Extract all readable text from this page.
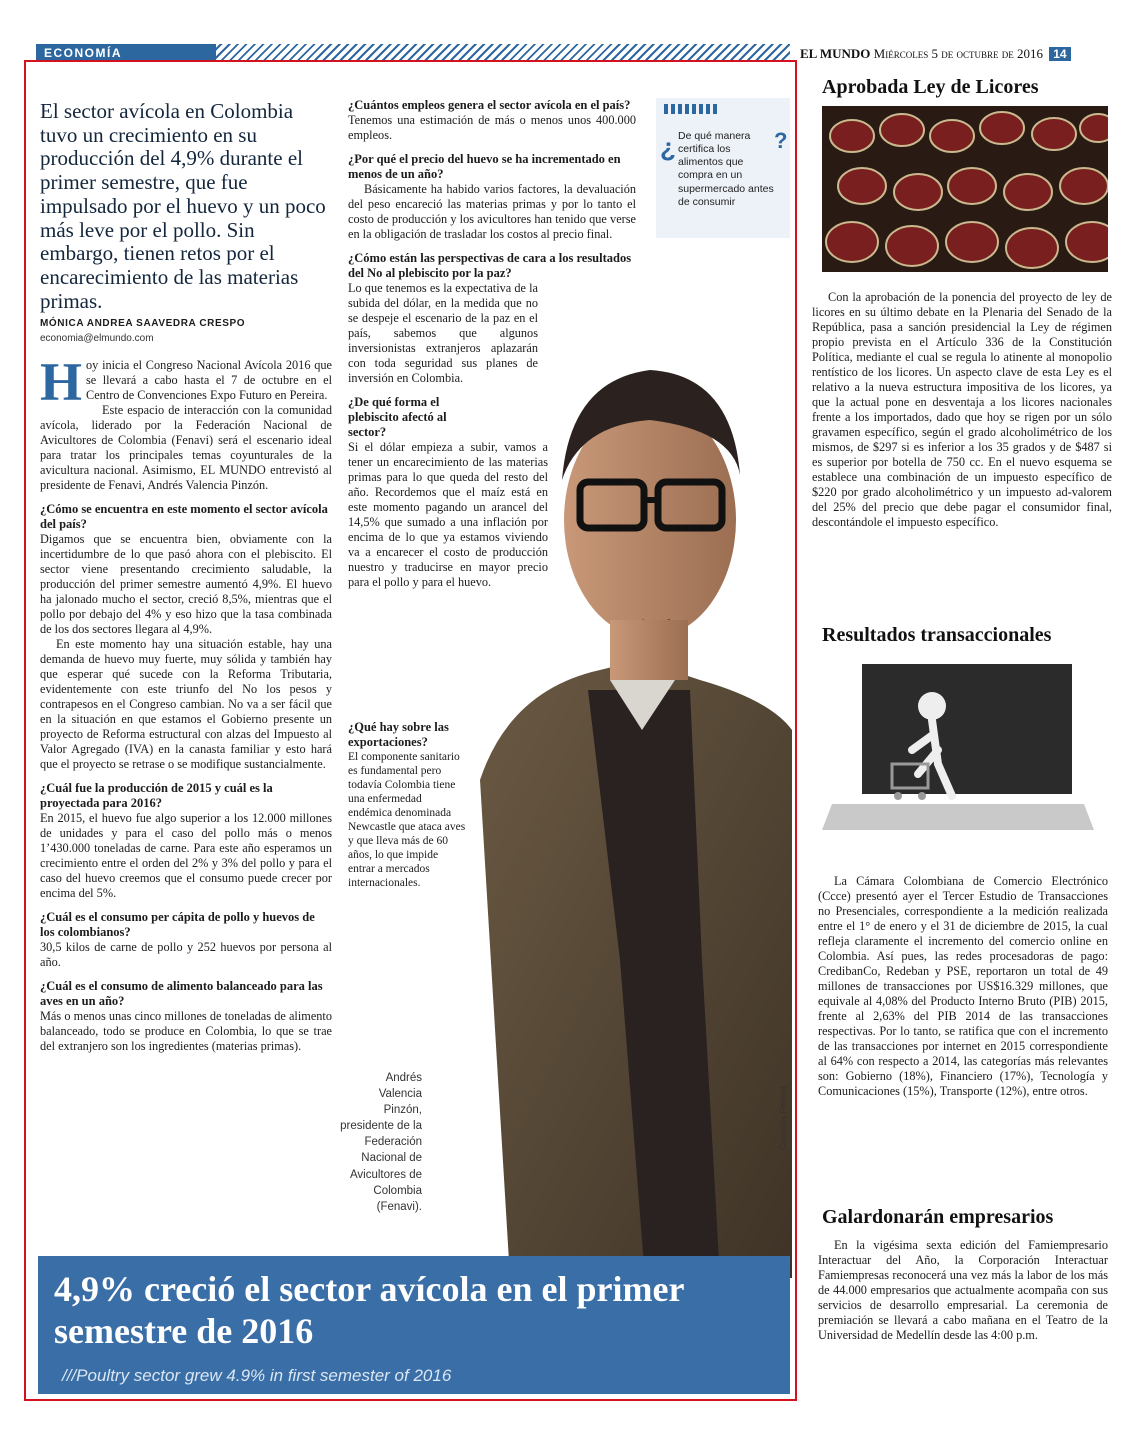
ECONOMÍA	EL MUNDO Miércoles 5 de octubre de 2016 14

El sector avícola en Colombia tuvo un crecimiento en su producción del 4,9% durante el primer semestre, que fue impulsado por el huevo y un poco más leve por el pollo. Sin embargo, tienen retos por el encarecimiento de las materias primas.

MÓNICA ANDREA SAAVEDRA CRESPO
economia@elmundo.com

Hoy inicia el Congreso Nacional Avícola 2016 que se llevará a cabo hasta el 7 de octubre en el Centro de Convenciones Expo Futuro en Pereira.

Este espacio de interacción con la comunidad avícola, liderado por la Federación Nacional de Avicultores de Colombia (Fenavi) será el escenario ideal para tratar los principales temas coyunturales de la avicultura nacional. Asimismo, EL MUNDO entrevistó al presidente de Fenavi, Andrés Valencia Pinzón.

¿Cómo se encuentra en este momento el sector avícola del país?

Digamos que se encuentra bien, obviamente con la incertidumbre de lo que pasó ahora con el plebiscito. El sector viene presentando crecimiento saludable, la producción del primer semestre aumentó 4,9%. El huevo ha jalonado mucho el sector, creció 8,5%, mientras que el pollo por debajo del 4% y eso hizo que la tasa combinada de los dos sectores llegara al 4,9%.

En este momento hay una situación estable, hay una demanda de huevo muy fuerte, muy sólida y también hay que esperar qué sucede con la Reforma Tributaria, evidentemente con este triunfo del No los pesos y contrapesos en el Congreso cambian. No va a ser fácil que en la situación en que estamos el Gobierno presente un proyecto de Reforma estructural con alzas del Impuesto al Valor Agregado (IVA) en la canasta familiar y esto hará que el proyecto se retrase o se modifique sustancialmente.

¿Cuál fue la producción de 2015 y cuál es la proyectada para 2016?

En 2015, el huevo fue algo superior a los 12.000 millones de unidades y para el caso del pollo más o menos 1’430.000 toneladas de carne. Para este año esperamos un crecimiento entre el orden del 2% y 3% del pollo y para el caso del huevo creemos que el consumo puede crecer por encima del 5%.

¿Cuál es el consumo per cápita de pollo y huevos de los colombianos?

30,5 kilos de carne de pollo y 252 huevos por persona al año.

¿Cuál es el consumo de alimento balanceado para las aves en un año?

Más o menos unas cinco millones de toneladas de alimento balanceado, todo se produce en Colombia, lo que se trae del extranjero son los ingredientes (materias primas).

¿	?
De qué manera certifica los alimentos que compra en un supermercado antes de consumir
¿Cuántos empleos genera el sector avícola en el país?

Tenemos una estimación de más o menos unos 400.000 empleos.

¿Por qué el precio del huevo se ha incrementado en menos de un año?

Básicamente ha habido varios factores, la devaluación del peso encareció las materias primas y por lo tanto el costo de producción y los avicultores han tenido que verse en la obligación de trasladar los costos al precio final.

¿Cómo están las perspectivas de cara a los resultados del No al plebiscito por la paz?

Lo que tenemos es la expectativa de la subida del dólar, en la medida que no se despeje el escenario de la paz en el país, sabemos que algunos inversionistas extranjeros aplazarán con toda seguridad sus planes de inversión en Colombia.

¿De qué forma el plebiscito afectó al sector?

Si el dólar empieza a subir, vamos a tener un encarecimiento de las materias primas para lo que queda del resto del año. Recordemos que el maíz está en este momento pagando un arancel del 14,5% que sumado a una inflación por encima de lo que ya estamos viviendo va a encarecer el costo de producción nuestro y traducirse en mayor precio para el pollo y para el huevo.

¿Qué hay sobre las exportaciones?

El componente sanitario es fundamental pero todavía Colombia tiene una enfermedad endémica denominada Newcastle que ataca aves y que lleva más de 60 años, lo que impide entrar a mercados internacionales.

Andrés Valencia Pinzón, presidente de la Federación Nacional de Avicultores de Colombia (Fenavi).
Cortesía Fenavi
4,9% creció el sector avícola en el primer semestre de 2016
///Poultry sector grew 4.9% in first semester of 2016
Aprobada Ley de Licores

Con la aprobación de la ponencia del proyecto de ley de licores en su último debate en la Plenaria del Senado de la República, pasa a sanción presidencial la Ley de régimen propio prevista en el Artículo 336 de la Constitución Política, mediante el cual se regula lo atinente al monopolio rentístico de los licores. Un aspecto clave de esta Ley es el relativo a la nueva estructura impositiva de los licores, ya que la actual pone en desventaja a los licores nacionales frente a los importados, dado que hoy se rigen por un sólo gravamen específico, según el grado alcoholimétrico de los mismos, de $297 si es inferior a los 35 grados y de $487 si es superior por botella de 750 cc. En el nuevo esquema se establece una combinación de un impuesto específico de $220 por grado alcoholimétrico y un impuesto ad-valorem del 25% del precio que debe pagar el consumidor final, descontándole el impuesto específico.

Resultados transaccionales

La Cámara Colombiana de Comercio Electrónico (Ccce) presentó ayer el Tercer Estudio de Transacciones no Presenciales, correspondiente a la medición realizada entre el 1° de enero y el 31 de diciembre de 2015, la cual refleja claramente el incremento del comercio online en Colombia. Así pues, las redes procesadoras de pago: CredibanCo, Redeban y PSE, reportaron un total de 49 millones de transacciones por US$16.329 millones, que equivale al 4,08% del Producto Interno Bruto (PIB) 2015, frente al 2,63% del PIB 2014 de las transacciones respectivas. Por lo tanto, se ratifica que con el incremento de las transacciones por internet en 2015 correspondiente al 64% con respecto a 2014, las categorías más relevantes son: Gobierno (18%), Financiero (17%), Tecnología y Comunicaciones (15%), Transporte (12%), entre otros.

Galardonarán empresarios

En la vigésima sexta edición del Famiempresario Interactuar del Año, la Corporación Interactuar Famiempresas reconocerá una vez más la labor de los más de 44.000 empresarios que actualmente acompaña con sus servicios de desarrollo empresarial. La ceremonia de premiación se llevará a cabo mañana en el Teatro de la Universidad de Medellín desde las 4:00 p.m.
